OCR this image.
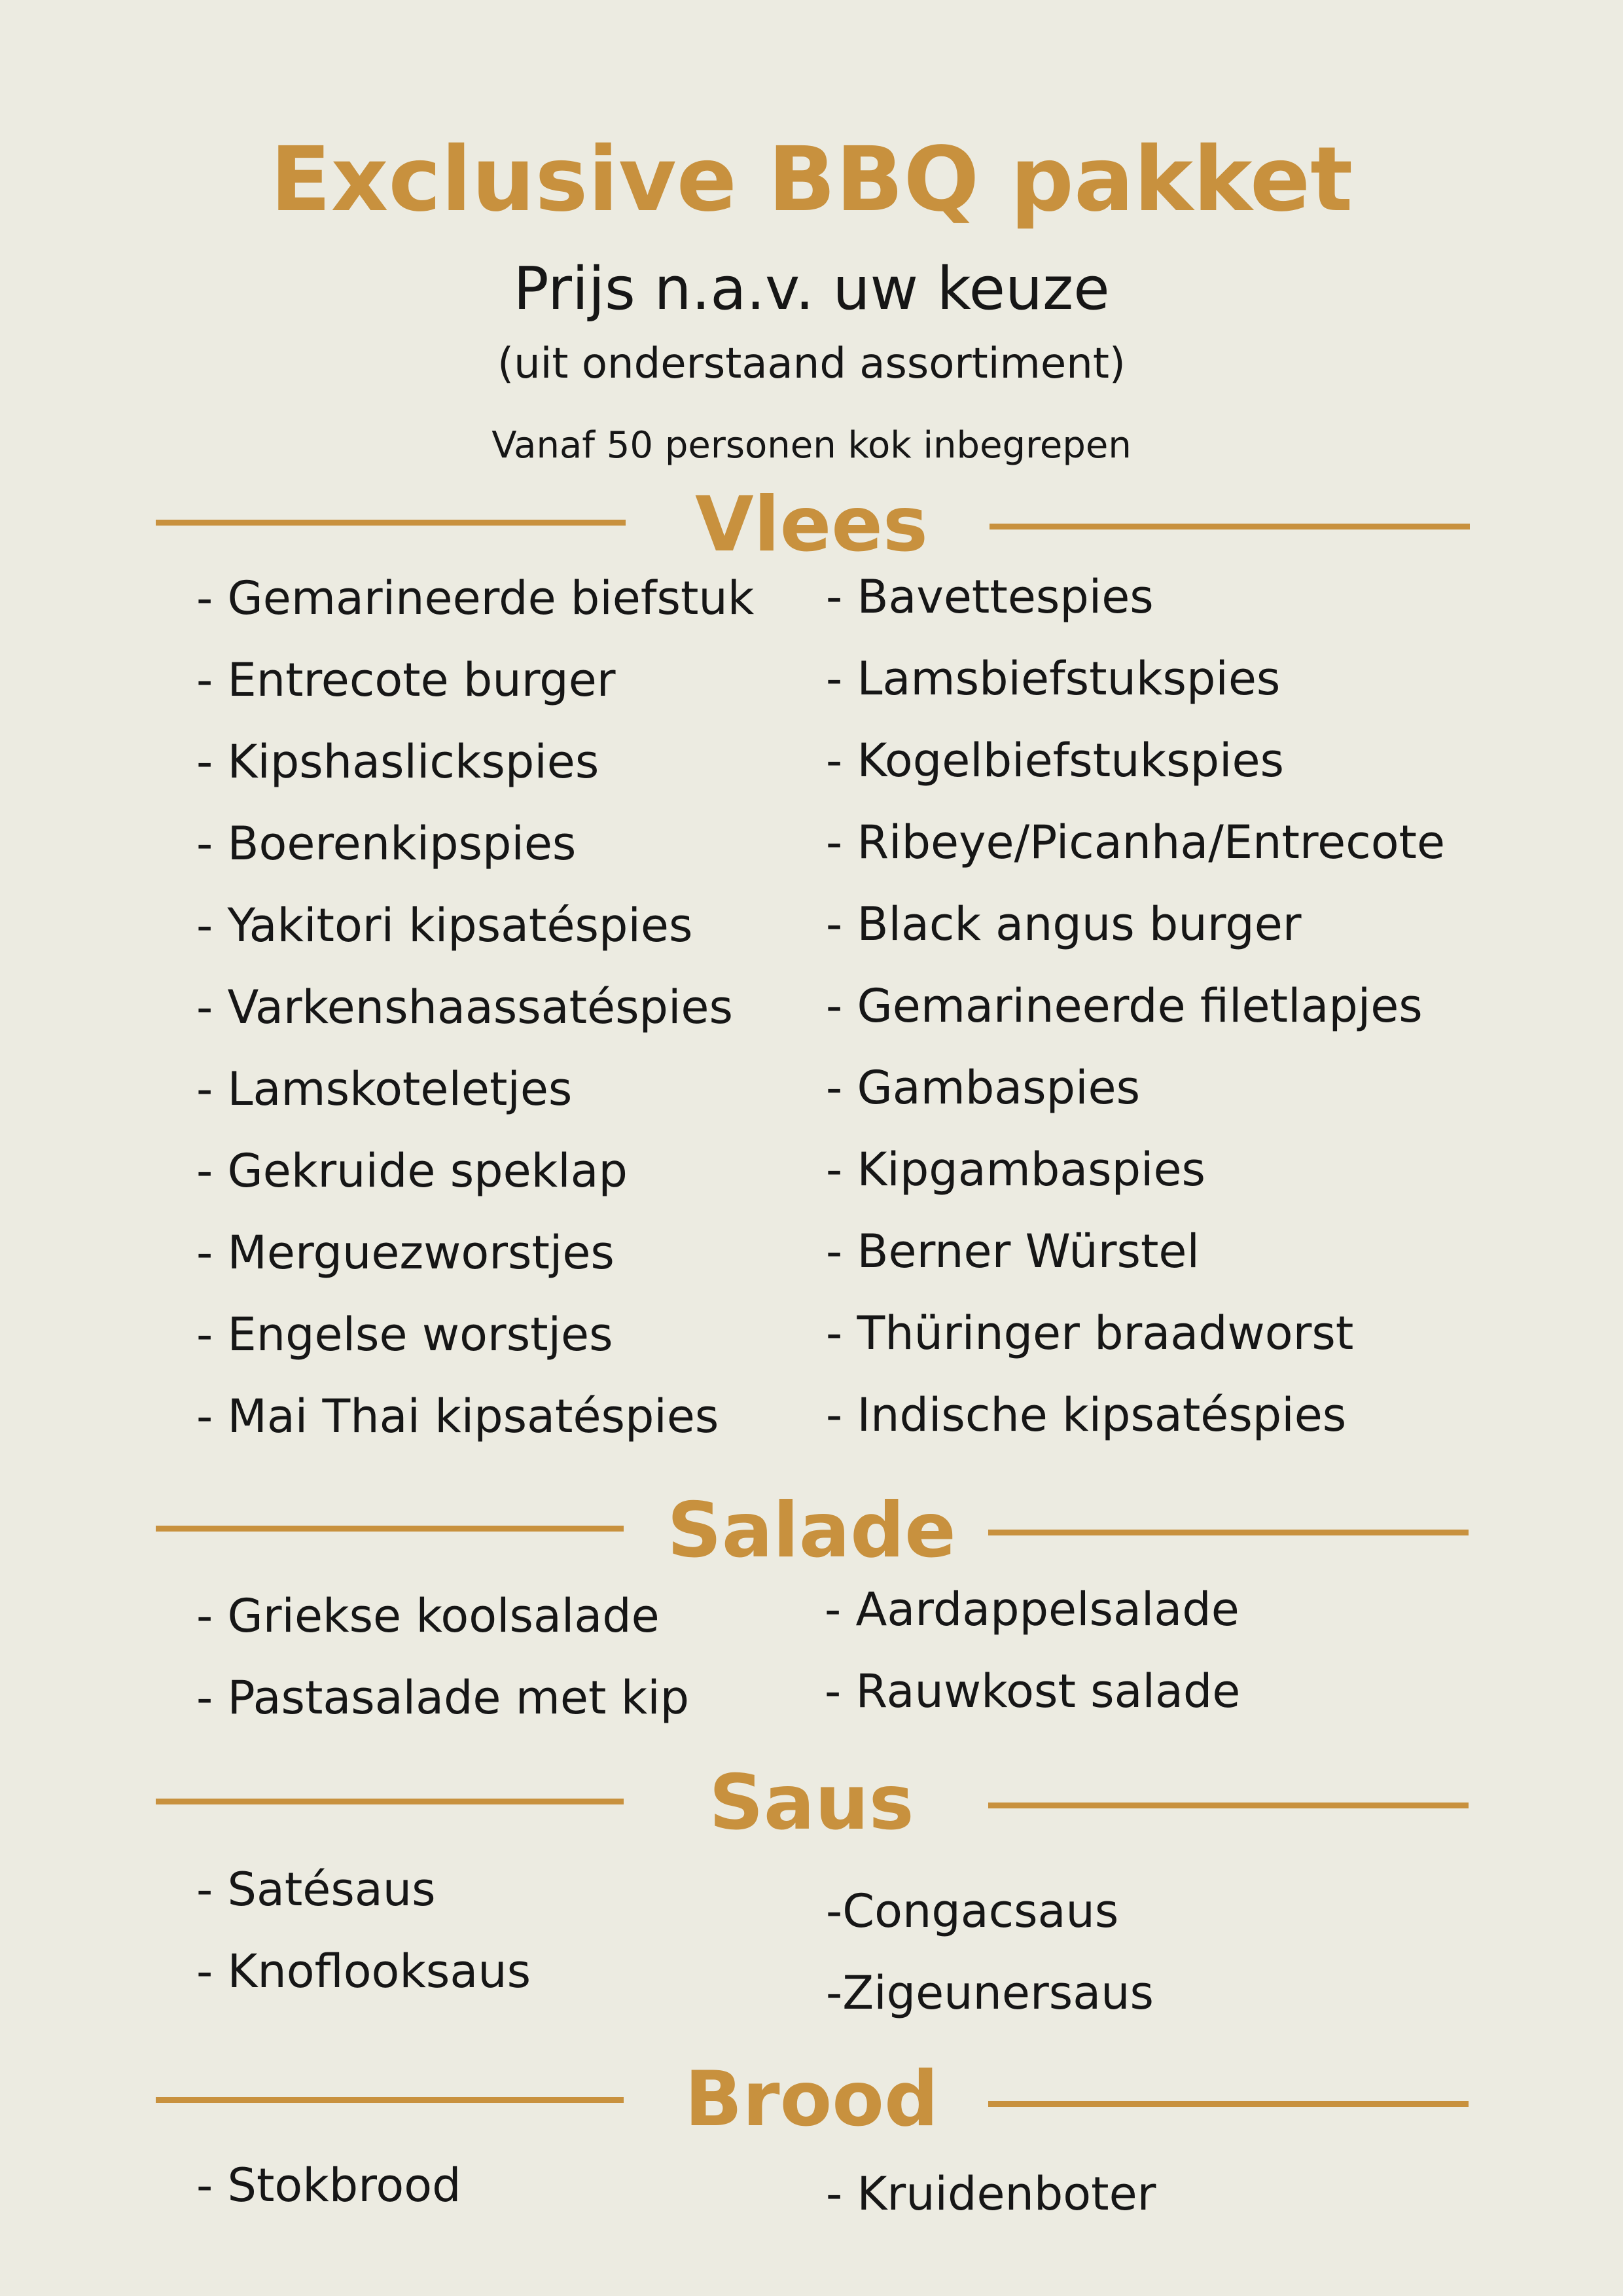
Exclusive BBQ pakket

Prijs n.a.v. uw keuze

(uit onderstaand assortiment)

Vanaf 50 personen kok inbegrepen

Vlees
- Gemarineerde biefstuk
- Entrecote burger
- Kipshaslickspies
- Boerenkipspies
- Yakitori kipsatéspies
- Varkenshaassatéspies
- Lamskoteletjes
- Gekruide speklap
- Merguezworstjes
- Engelse worstjes
- Mai Thai kipsatéspies
- Bavettespies
- Lamsbiefstukspies
- Kogelbiefstukspies
- Ribeye/Picanha/Entrecote
- Black angus burger
- Gemarineerde filetlapjes
- Gambaspies
- Kipgambaspies
- Berner Würstel
- Thüringer braadworst
- Indische kipsatéspies
Salade
- Griekse koolsalade
- Pastasalade met kip
- Aardappelsalade
- Rauwkost salade
Saus
- Satésaus
- Knoflooksaus
-Congacsaus
-Zigeunersaus
Brood
- Stokbrood	- Kruidenboter
